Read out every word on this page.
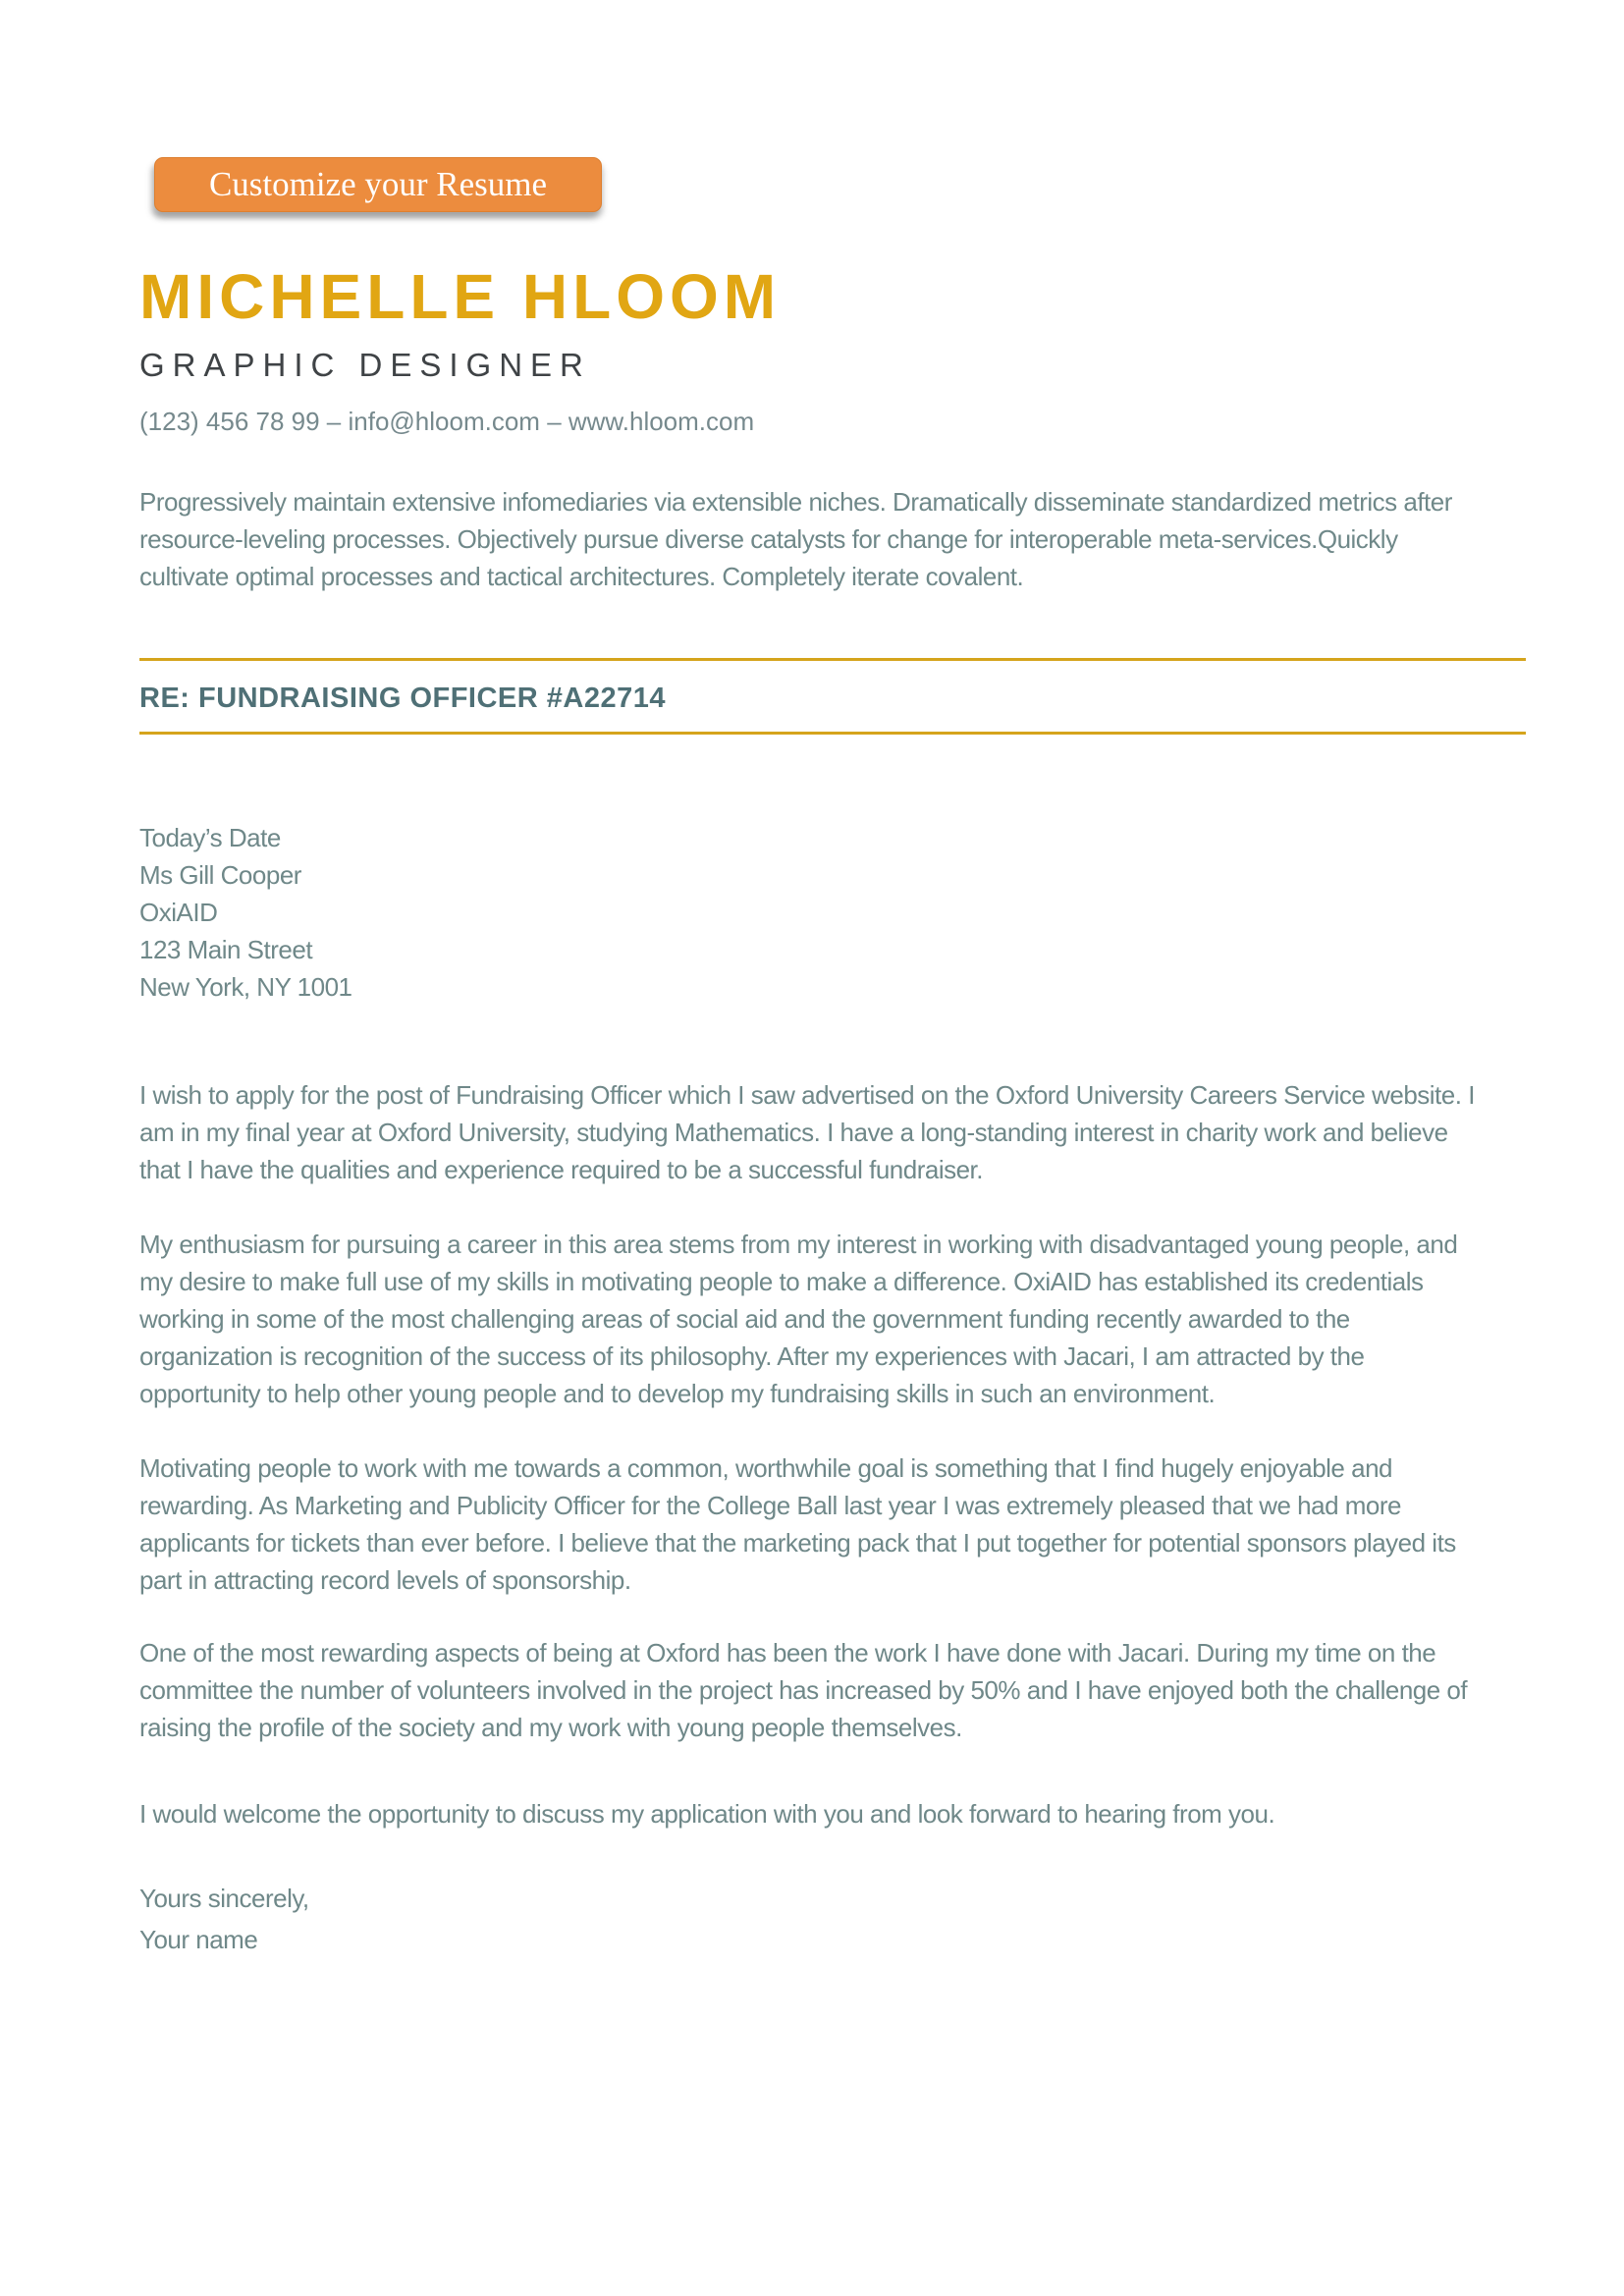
Customize your Resume
MICHELLE HLOOM
GRAPHIC DESIGNER
(123) 456 78 99 – info@hloom.com – www.hloom.com

Progressively maintain extensive infomediaries via extensible niches. Dramatically disseminate standardized metrics after resource-leveling processes. Objectively pursue diverse catalysts for change for interoperable meta-services.Quickly cultivate optimal processes and tactical architectures. Completely iterate covalent.

RE: FUNDRAISING OFFICER #A22714
Today’s Date
Ms Gill Cooper
OxiAID
123 Main Street
New York, NY 1001

I wish to apply for the post of Fundraising Officer which I saw advertised on the Oxford University Careers Service website. I am in my final year at Oxford University, studying Mathematics. I have a long-standing interest in charity work and believe that I have the qualities and experience required to be a successful fundraiser.

My enthusiasm for pursuing a career in this area stems from my interest in working with disadvantaged young people, and my desire to make full use of my skills in motivating people to make a difference. OxiAID has established its credentials working in some of the most challenging areas of social aid and the government funding recently awarded to the organization is recognition of the success of its philosophy. After my experiences with Jacari, I am attracted by the opportunity to help other young people and to develop my fundraising skills in such an environment.

Motivating people to work with me towards a common, worthwhile goal is something that I find hugely enjoyable and rewarding. As Marketing and Publicity Officer for the College Ball last year I was extremely pleased that we had more applicants for tickets than ever before. I believe that the marketing pack that I put together for potential sponsors played its part in attracting record levels of sponsorship.

One of the most rewarding aspects of being at Oxford has been the work I have done with Jacari. During my time on the committee the number of volunteers involved in the project has increased by 50% and I have enjoyed both the challenge of raising the profile of the society and my work with young people themselves.

I would welcome the opportunity to discuss my application with you and look forward to hearing from you.

Yours sincerely,
Your name
